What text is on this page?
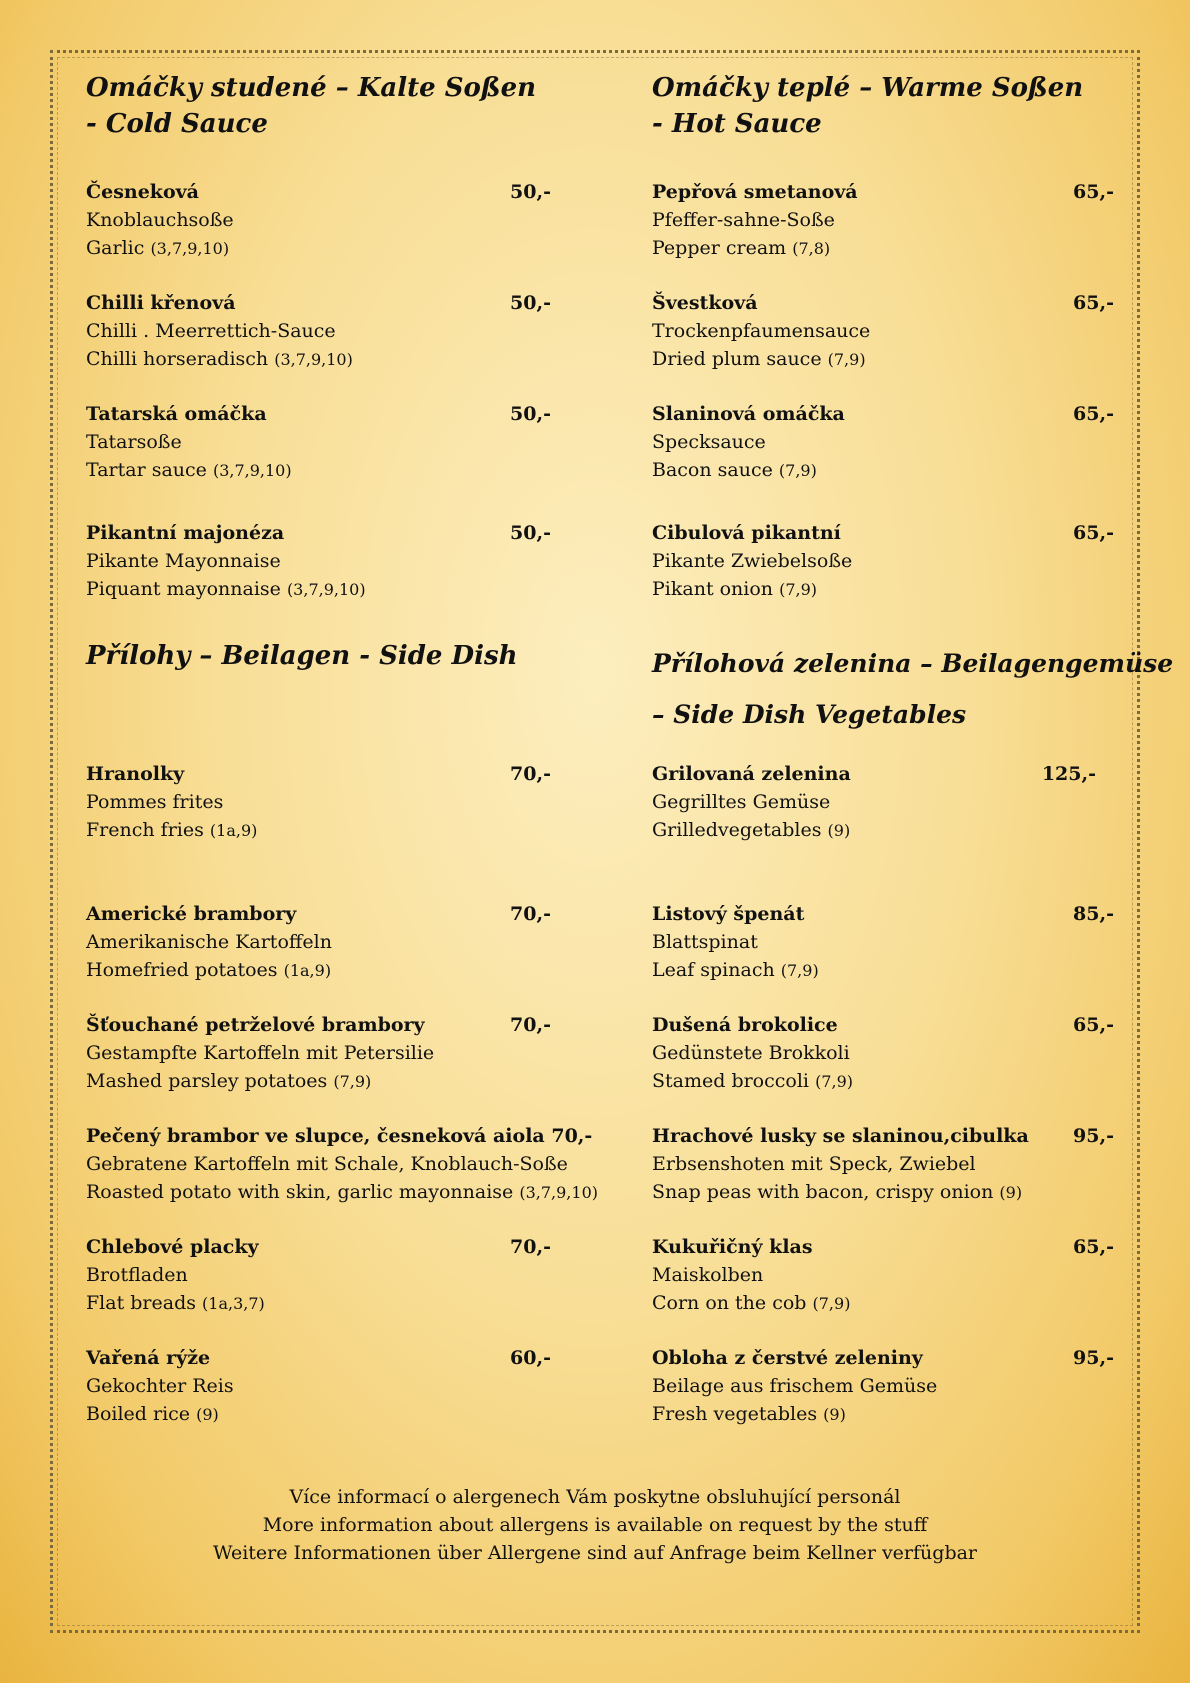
Omáčky studené – Kalte Soßen
- Cold Sauce
Česneková	50,-
Knoblauchsoße
Garlic (3,7,9,10)
Chilli křenová	50,-
Chilli . Meerrettich-Sauce
Chilli horseradisch (3,7,9,10)
Tatarská omáčka	50,-
Tatarsoße
Tartar sauce (3,7,9,10)
Pikantní majonéza	50,-
Pikante Mayonnaise
Piquant mayonnaise (3,7,9,10)
Přílohy – Beilagen - Side Dish
Hranolky	70,-
Pommes frites
French fries (1a,9)
Americké brambory	70,-
Amerikanische Kartoffeln
Homefried potatoes (1a,9)
Šťouchané petrželové brambory	70,-
Gestampfte Kartoffeln mit Petersilie
Mashed parsley potatoes (7,9)
Pečený brambor ve slupce, česneková aiola 70,-
Gebratene Kartoffeln mit Schale, Knoblauch-Soße
Roasted potato with skin, garlic mayonnaise (3,7,9,10)
Chlebové placky	70,-
Brotfladen
Flat breads (1a,3,7)
Vařená rýže	60,-
Gekochter Reis
Boiled rice (9)
Omáčky teplé – Warme Soßen
- Hot Sauce
Pepřová smetanová	65,-
Pfeffer-sahne-Soße
Pepper cream (7,8)
Švestková	65,-
Trockenpfaumensauce
Dried plum sauce (7,9)
Slaninová omáčka	65,-
Specksauce
Bacon sauce (7,9)
Cibulová pikantní	65,-
Pikante Zwiebelsoße
Pikant onion (7,9)
Přílohová zelenina – Beilagengemüse
– Side Dish Vegetables
Grilovaná zelenina	125,-
Gegrilltes Gemüse
Grilledvegetables (9)
Listový špenát	85,-
Blattspinat
Leaf spinach (7,9)
Dušená brokolice	65,-
Gedünstete Brokkoli
Stamed broccoli (7,9)
Hrachové lusky se slaninou,cibulka	95,-
Erbsenshoten mit Speck, Zwiebel
Snap peas with bacon, crispy onion (9)
Kukuřičný klas	65,-
Maiskolben
Corn on the cob (7,9)
Obloha z čerstvé zeleniny	95,-
Beilage aus frischem Gemüse
Fresh vegetables (9)
Více informací o alergenech Vám poskytne obsluhující personál
More information about allergens is available on request by the stuff
Weitere Informationen über Allergene sind auf Anfrage beim Kellner verfügbar
